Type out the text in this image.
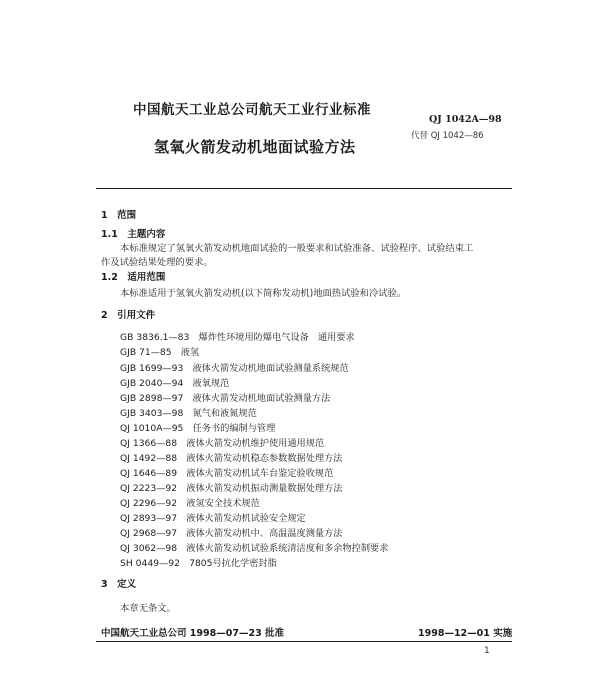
中国航天工业总公司航天工业行业标准
QJ 1042A—98
代替 QJ 1042—86
氢氧火箭发动机地面试验方法
1　范围
1.1　主题内容
本标准规定了氢氧火箭发动机地面试验的一般要求和试验准备、试验程序、试验结束工
作及试验结果处理的要求。
1.2　适用范围
本标准适用于氢氧火箭发动机(以下简称发动机)地面热试验和冷试验。
2　引用文件
GB 3836.1—83　爆炸性环境用防爆电气设备　通用要求
GJB 71—85　液氢
GJB 1699—93　液体火箭发动机地面试验测量系统规范
GJB 2040—94　液氧规范
GJB 2898—97　液体火箭发动机地面试验测量方法
GJB 3403—98　氮气和液氮规范
QJ 1010A—95　任务书的编制与管理
QJ 1366—88　液体火箭发动机维护使用通用规范
QJ 1492—88　液体火箭发动机稳态参数数据处理方法
QJ 1646—89　液体火箭发动机试车台鉴定验收规范
QJ 2223—92　液体火箭发动机振动测量数据处理方法
QJ 2296—92　液氢安全技术规范
QJ 2893—97　液体火箭发动机试验安全规定
QJ 2968—97　液体火箭发动机中、高温温度测量方法
QJ 3062—98　液体火箭发动机试验系统清洁度和多余物控制要求
SH 0449—92　7805号抗化学密封脂
3　定义
本章无条文。
中国航天工业总公司 1998—07—23 批准	1998—12—01 实施
1
